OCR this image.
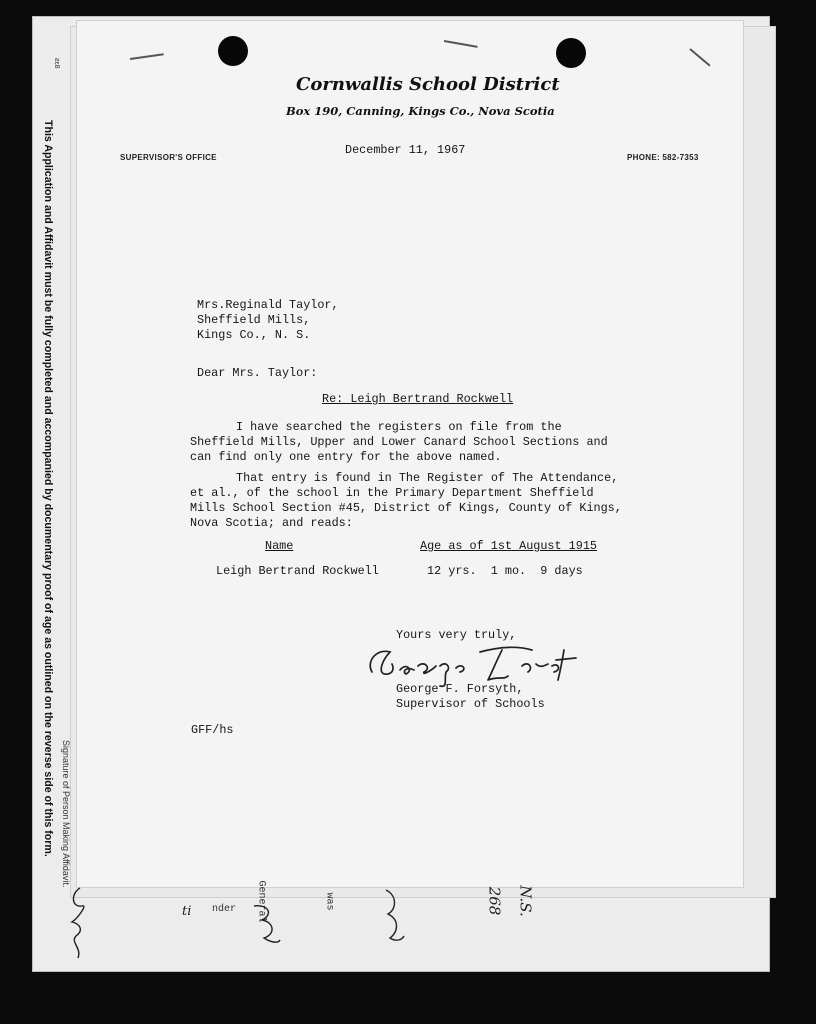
ƨε8
This Application and Affidavit must be fully completed and accompanied by documentary proof of age as outlined on the reverse side of this form. Signature of Person Making Affidavit.
Cornwallis School District
Box 190, Canning, Kings Co., Nova Scotia
SUPERVISOR'S OFFICE	PHONE: 582-7353
December 11, 1967
Mrs.Reginald Taylor,
Sheffield Mills,
Kings Co., N. S.
Dear Mrs. Taylor:
Re: Leigh Bertrand Rockwell
I have searched the registers on file from the Sheffield Mills, Upper and Lower Canard School Sections and can find only one entry for the above named.
That entry is found in The Register of The Attendance, et al., of the school in the Primary Department Sheffield Mills School Section #45, District of Kings, County of Kings, Nova Scotia; and reads:
Name	Age as of 1st August 1915
Leigh Bertrand Rockwell	12 yrs.  1 mo.  9 days
Yours very truly,
George F. Forsyth,
Supervisor of Schools
GFF/hs
was
nder	N.S.
268
General
ti
